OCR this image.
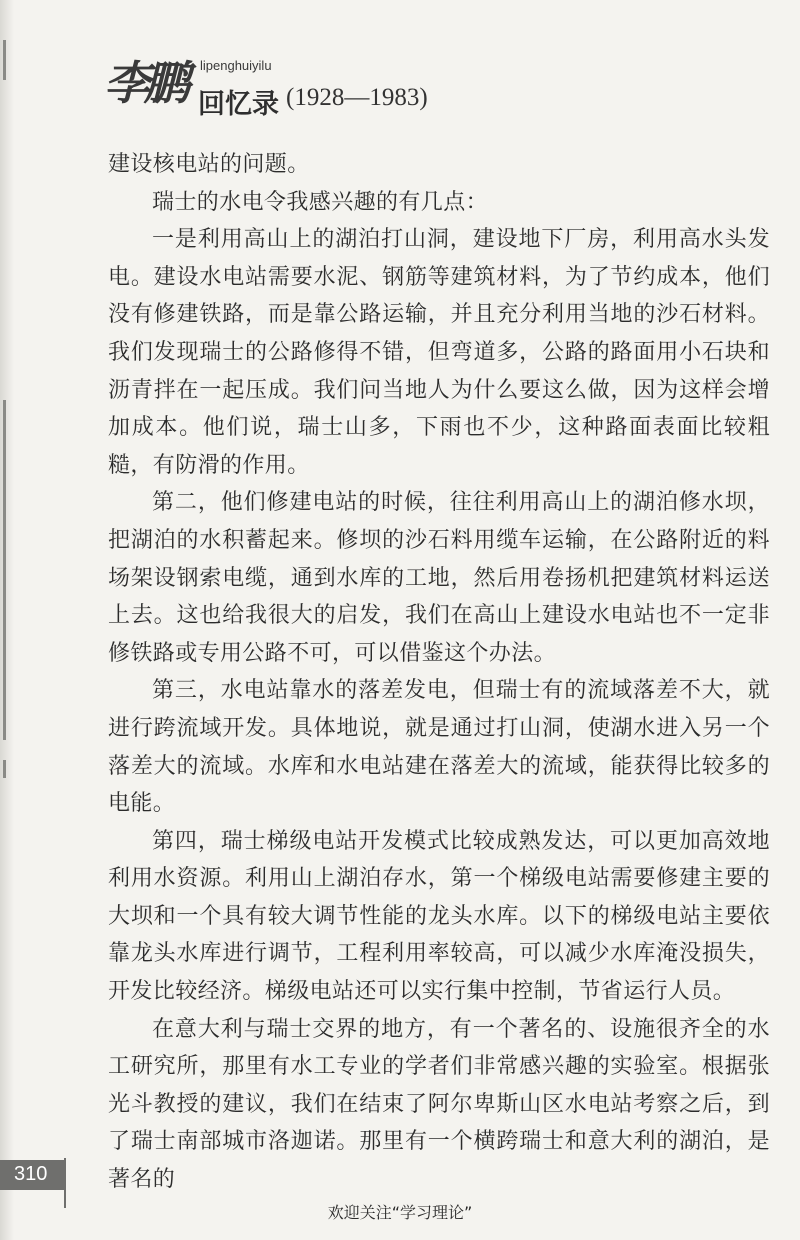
李鹏 lipenghuiyilu
回忆录 (1928—1983)

建设核电站的问题。

瑞士的水电令我感兴趣的有几点：

一是利用高山上的湖泊打山洞，建设地下厂房，利用高水头发电。建设水电站需要水泥、钢筋等建筑材料，为了节约成本，他们没有修建铁路，而是靠公路运输，并且充分利用当地的沙石材料。我们发现瑞士的公路修得不错，但弯道多，公路的路面用小石块和沥青拌在一起压成。我们问当地人为什么要这么做，因为这样会增加成本。他们说，瑞士山多，下雨也不少，这种路面表面比较粗糙，有防滑的作用。

第二，他们修建电站的时候，往往利用高山上的湖泊修水坝，把湖泊的水积蓄起来。修坝的沙石料用缆车运输，在公路附近的料场架设钢索电缆，通到水库的工地，然后用卷扬机把建筑材料运送上去。这也给我很大的启发，我们在高山上建设水电站也不一定非修铁路或专用公路不可，可以借鉴这个办法。

第三，水电站靠水的落差发电，但瑞士有的流域落差不大，就进行跨流域开发。具体地说，就是通过打山洞，使湖水进入另一个落差大的流域。水库和水电站建在落差大的流域，能获得比较多的电能。

第四，瑞士梯级电站开发模式比较成熟发达，可以更加高效地利用水资源。利用山上湖泊存水，第一个梯级电站需要修建主要的大坝和一个具有较大调节性能的龙头水库。以下的梯级电站主要依靠龙头水库进行调节，工程利用率较高，可以减少水库淹没损失，开发比较经济。梯级电站还可以实行集中控制，节省运行人员。

在意大利与瑞士交界的地方，有一个著名的、设施很齐全的水工研究所，那里有水工专业的学者们非常感兴趣的实验室。根据张光斗教授的建议，我们在结束了阿尔卑斯山区水电站考察之后，到了瑞士南部城市洛迦诺。那里有一个横跨瑞士和意大利的湖泊，是著名的

310
欢迎关注“学习理论”
